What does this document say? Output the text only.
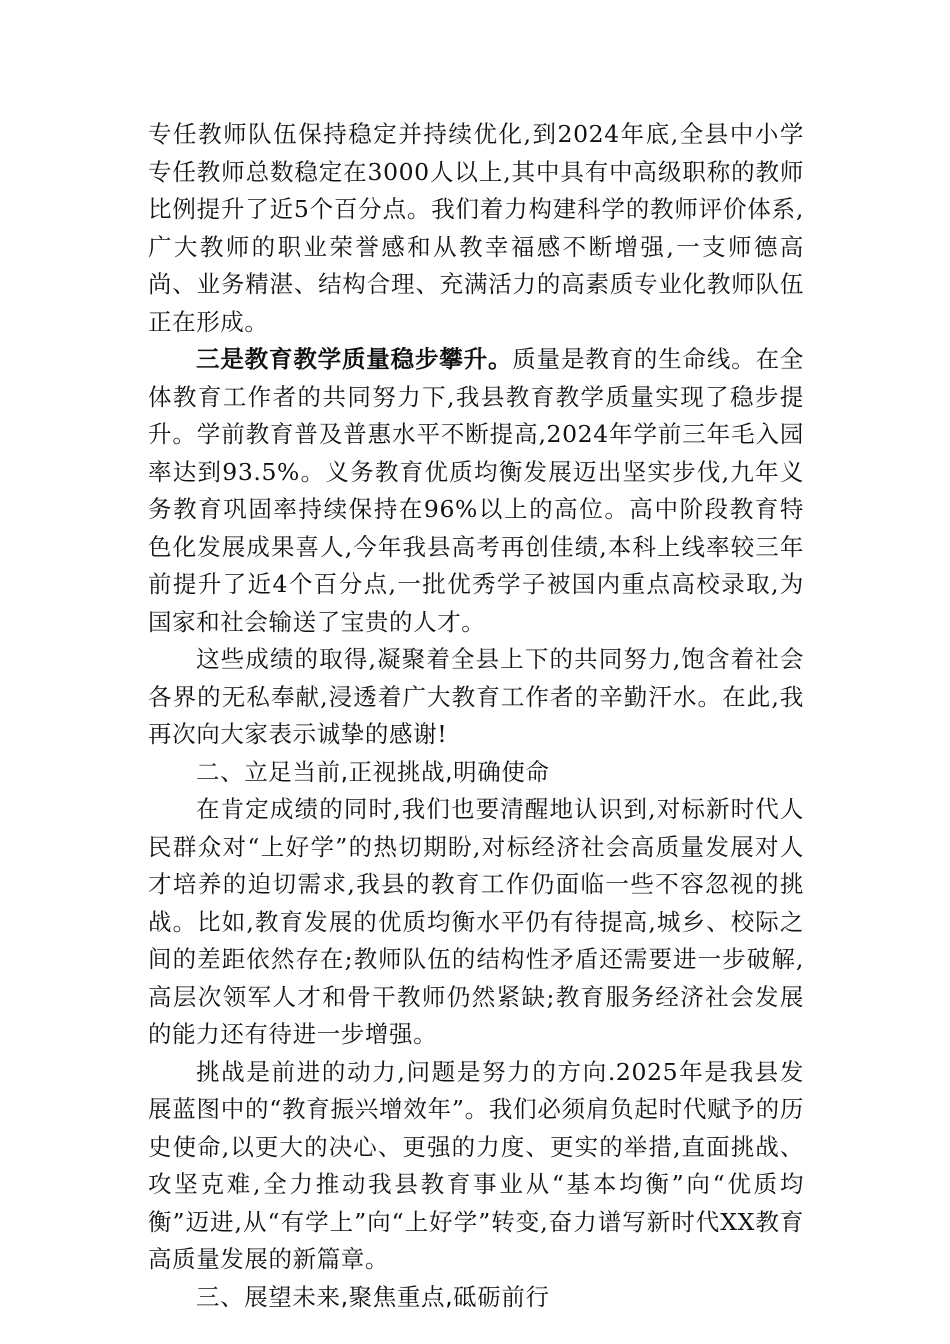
专任教师队伍保持稳定并持续优化,到2024年底,全县中小学专任教师总数稳定在3000人以上,其中具有中高级职称的教师比例提升了近5个百分点。我们着力构建科学的教师评价体系,广大教师的职业荣誉感和从教幸福感不断增强,一支师德高尚、业务精湛、结构合理、充满活力的高素质专业化教师队伍正在形成。

三是教育教学质量稳步攀升。质量是教育的生命线。在全体教育工作者的共同努力下,我县教育教学质量实现了稳步提升。学前教育普及普惠水平不断提高,2024年学前三年毛入园率达到93.5%。义务教育优质均衡发展迈出坚实步伐,九年义务教育巩固率持续保持在96%以上的高位。高中阶段教育特色化发展成果喜人,今年我县高考再创佳绩,本科上线率较三年前提升了近4个百分点,一批优秀学子被国内重点高校录取,为国家和社会输送了宝贵的人才。

这些成绩的取得,凝聚着全县上下的共同努力,饱含着社会各界的无私奉献,浸透着广大教育工作者的辛勤汗水。在此,我再次向大家表示诚挚的感谢!

二、立足当前,正视挑战,明确使命

在肯定成绩的同时,我们也要清醒地认识到,对标新时代人民群众对“上好学”的热切期盼,对标经济社会高质量发展对人才培养的迫切需求,我县的教育工作仍面临一些不容忽视的挑战。比如,教育发展的优质均衡水平仍有待提高,城乡、校际之间的差距依然存在;教师队伍的结构性矛盾还需要进一步破解,高层次领军人才和骨干教师仍然紧缺;教育服务经济社会发展的能力还有待进一步增强。

挑战是前进的动力,问题是努力的方向.2025年是我县发展蓝图中的“教育振兴增效年”。我们必须肩负起时代赋予的历史使命,以更大的决心、更强的力度、更实的举措,直面挑战、攻坚克难,全力推动我县教育事业从“基本均衡”向“优质均衡”迈进,从“有学上”向“上好学”转变,奋力谱写新时代XX教育高质量发展的新篇章。

三、展望未来,聚焦重点,砥砺前行
